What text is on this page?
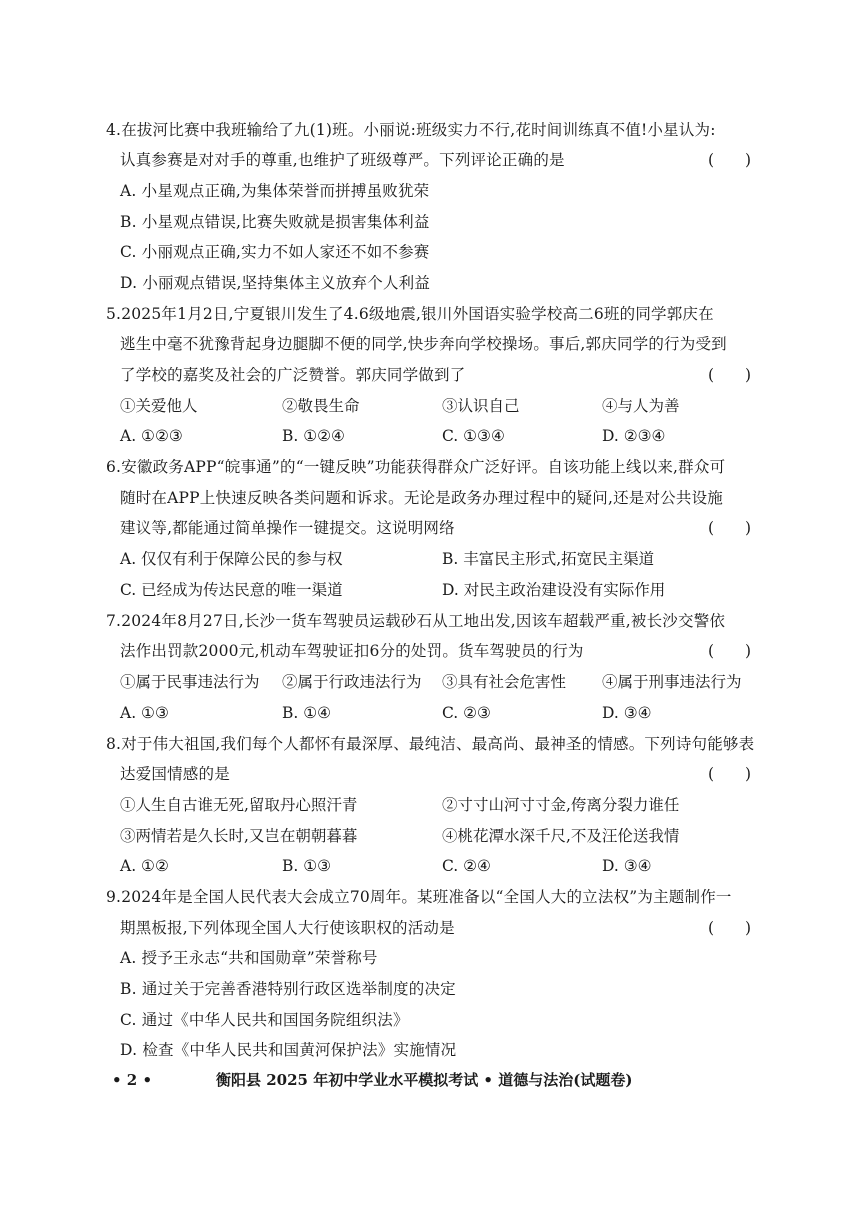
4.在拔河比赛中我班输给了九(1)班。小丽说:班级实力不行,花时间训练真不值!小星认为:
认真参赛是对对手的尊重,也维护了班级尊严。下列评论正确的是	(　　)
A. 小星观点正确,为集体荣誉而拼搏虽败犹荣
B. 小星观点错误,比赛失败就是损害集体利益
C. 小丽观点正确,实力不如人家还不如不参赛
D. 小丽观点错误,坚持集体主义放弃个人利益
5.2025年1月2日,宁夏银川发生了4.6级地震,银川外国语实验学校高二6班的同学郭庆在
逃生中毫不犹豫背起身边腿脚不便的同学,快步奔向学校操场。事后,郭庆同学的行为受到
了学校的嘉奖及社会的广泛赞誉。郭庆同学做到了	(　　)
①关爱他人	②敬畏生命	③认识自己	④与人为善
A. ①②③	B. ①②④	C. ①③④	D. ②③④
6.安徽政务APP“皖事通”的“一键反映”功能获得群众广泛好评。自该功能上线以来,群众可
随时在APP上快速反映各类问题和诉求。无论是政务办理过程中的疑问,还是对公共设施
建议等,都能通过简单操作一键提交。这说明网络	(　　)
A. 仅仅有利于保障公民的参与权	B. 丰富民主形式,拓宽民主渠道
C. 已经成为传达民意的唯一渠道	D. 对民主政治建设没有实际作用
7.2024年8月27日,长沙一货车驾驶员运载砂石从工地出发,因该车超载严重,被长沙交警依
法作出罚款2000元,机动车驾驶证扣6分的处罚。货车驾驶员的行为	(　　)
①属于民事违法行为 ②属于行政违法行为 ③具有社会危害性 ④属于刑事违法行为
A. ①③	B. ①④	C. ②③	D. ③④
8.对于伟大祖国,我们每个人都怀有最深厚、最纯洁、最高尚、最神圣的情感。下列诗句能够表
达爱国情感的是	(　　)
①人生自古谁无死,留取丹心照汗青	②寸寸山河寸寸金,侉离分裂力谁任
③两情若是久长时,又岂在朝朝暮暮	④桃花潭水深千尺,不及汪伦送我情
A. ①②	B. ①③	C. ②④	D. ③④
9.2024年是全国人民代表大会成立70周年。某班准备以“全国人大的立法权”为主题制作一
期黑板报,下列体现全国人大行使该职权的活动是	(　　)
A. 授予王永志“共和国勋章”荣誉称号
B. 通过关于完善香港特别行政区选举制度的决定
C. 通过《中华人民共和国国务院组织法》
D. 检查《中华人民共和国黄河保护法》实施情况
• 2 •	衡阳县 2025 年初中学业水平模拟考试 • 道德与法治(试题卷)
